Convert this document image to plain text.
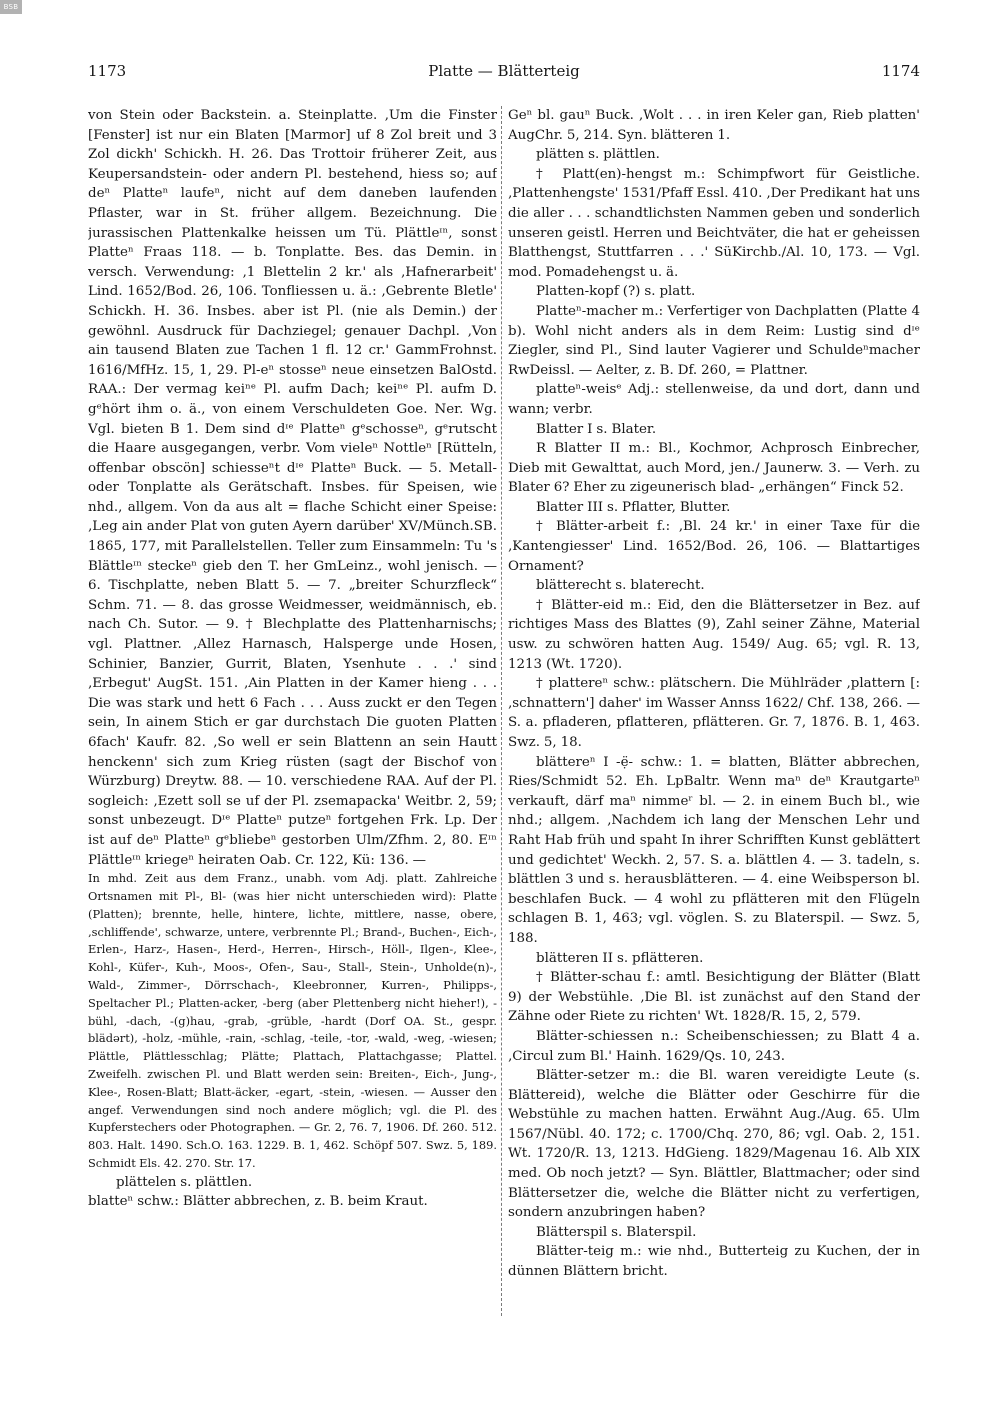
BSB
1173	Platte — Blätterteig	1174

von Stein oder Backstein. a. Steinplatte. ‚Um die Finster [Fenster] ist nur ein Blaten [Marmor] uf 8 Zol breit und 3 Zol dickh' Schickh. H. 26. Das Trottoir früherer Zeit, aus Keupersandstein- oder andern Pl. bestehend, hiess so; auf deⁿ Platteⁿ laufeⁿ, nicht auf dem daneben laufenden Pflaster, war in St. früher allgem. Bezeichnung. Die jurassischen Plattenkalke heissen um Tü. Plättleᶦⁿ, sonst Platteⁿ Fraas 118. — b. Tonplatte. Bes. das Demin. in versch. Verwendung: ‚1 Blettelin 2 kr.' als ‚Hafnerarbeit' Lind. 1652/Bod. 26, 106. Tonfliessen u. ä.: ‚Gebrente Bletle' Schickh. H. 36. Insbes. aber ist Pl. (nie als Demin.) der gewöhnl. Ausdruck für Dachziegel; genauer Dachpl. ‚Von ain tausend Blaten zue Tachen 1 fl. 12 cr.' GammFrohnst. 1616/MfHz. 15, 1, 29. Pl-eⁿ stosseⁿ neue einsetzen BalOstd. RAA.: Der vermag keiⁿᵉ Pl. aufm Dach; keiⁿᵉ Pl. aufm D. gᵉhört ihm o. ä., von einem Verschuldeten Goe. Ner. Wg. Vgl. bieten B 1. Dem sind dᶦᵉ Platteⁿ gᵉschosseⁿ, gᵉrutscht die Haare ausgegangen, verbr. Vom vieleⁿ Nottleⁿ [Rütteln, offenbar obscön] schiesseⁿt dᶦᵉ Platteⁿ Buck. — 5. Metall- oder Tonplatte als Gerätschaft. Insbes. für Speisen, wie nhd., allgem. Von da aus alt = flache Schicht einer Speise: ‚Leg ain ander Plat von guten Ayern darüber' XV/Münch.SB. 1865, 177, mit Parallelstellen. Teller zum Einsammeln: Tu 's Blättleᶦⁿ steckeⁿ gieb den T. her GmLeinz., wohl jenisch. — 6. Tischplatte, neben Blatt 5. — 7. „breiter Schurzfleck“ Schm. 71. — 8. das grosse Weidmesser, weidmännisch, eb. nach Ch. Sutor. — 9. † Blechplatte des Plattenharnischs; vgl. Plattner. ‚Allez Harnasch, Halsperge unde Hosen, Schinier, Banzier, Gurrit, Blaten, Ysenhute . . .' sind ‚Erbegut' AugSt. 151. ‚Ain Platten in der Kamer hieng . . . Die was stark und hett 6 Fach . . . Auss zuckt er den Tegen sein, In ainem Stich er gar durchstach Die guoten Platten 6fach' Kaufr. 82. ‚So well er sein Blattenn an sein Hautt henckenn' sich zum Krieg rüsten (sagt der Bischof von Würzburg) Dreytw. 88. — 10. verschiedene RAA. Auf der Pl. sogleich: ‚Ezett soll se uf der Pl. zsemapacka' Weitbr. 2, 59; sonst unbezeugt. Dᶦᵉ Platteⁿ putzeⁿ fortgehen Frk. Lp. Der ist auf deⁿ Platteⁿ gᵉbliebeⁿ gestorben Ulm/Zfhm. 2, 80. Eᶦⁿ Plättleᶦⁿ kriegeⁿ heiraten Oab. Cr. 122, Kü: 136. —

In mhd. Zeit aus dem Franz., unabh. vom Adj. platt. Zahlreiche Ortsnamen mit Pl-, Bl- (was hier nicht unterschieden wird): Platte (Platten); brennte, helle, hintere, lichte, mittlere, nasse, obere, ‚schliffende', schwarze, untere, verbrennte Pl.; Brand-, Buchen-, Eich-, Erlen-, Harz-, Hasen-, Herd-, Herren-, Hirsch-, Höll-, Ilgen-, Klee-, Kohl-, Küfer-, Kuh-, Moos-, Ofen-, Sau-, Stall-, Stein-, Unholde(n)-, Wald-, Zimmer-, Dörrschach-, Kleebronner, Kurren-, Philipps-, Speltacher Pl.; Platten-acker, -berg (aber Plettenberg nicht hieher!), -bühl, -dach, -(g)hau, -grab, -grüble, -hardt (Dorf OA. St., gespr. blädǝrt), -holz, -mühle, -rain, -schlag, -teile, -tor, -wald, -weg, -wiesen; Plättle, Plättlesschlag; Plätte; Plattach, Plattachgasse; Plattel. Zweifelh. zwischen Pl. und Blatt werden sein: Breiten-, Eich-, Jung-, Klee-, Rosen-Blatt; Blatt-äcker, -egart, -stein, -wiesen. — Ausser den angef. Verwendungen sind noch andere möglich; vgl. die Pl. des Kupferstechers oder Photographen. — Gr. 2, 76. 7, 1906. Df. 260. 512. 803. Halt. 1490. Sch.O. 163. 1229. B. 1, 462. Schöpf 507. Swz. 5, 189. Schmidt Els. 42. 270. Str. 17.

plättelen s. plättlen.

blatteⁿ schw.: Blätter abbrechen, z. B. beim Kraut.

Geⁿ bl. gauⁿ Buck. ‚Wolt . . . in iren Keler gan, Rieb platten' AugChr. 5, 214. Syn. blätteren 1.

plätten s. plättlen.

† Platt(en)-hengst m.: Schimpfwort für Geistliche. ‚Plattenhengste' 1531/Pfaff Essl. 410. ‚Der Predikant hat uns die aller . . . schandtlichsten Nammen geben und sonderlich unseren geistl. Herren und Beichtväter, die hat er geheissen Blatthengst, Stuttfarren . . .' SüKirchb./Al. 10, 173. — Vgl. mod. Pomadehengst u. ä.

Platten-kopf (?) s. platt.

Platteⁿ-macher m.: Verfertiger von Dachplatten (Platte 4 b). Wohl nicht anders als in dem Reim: Lustig sind dᶦᵉ Ziegler, sind Pl., Sind lauter Vagierer und Schuldeⁿmacher RwDeissl. — Aelter, z. B. Df. 260, = Plattner.

platteⁿ-weisᵉ Adj.: stellenweise, da und dort, dann und wann; verbr.

Blatter I s. Blater.

R Blatter II m.: Bl., Kochmor, Achprosch Einbrecher, Dieb mit Gewalttat, auch Mord, jen./ Jaunerw. 3. — Verh. zu Blater 6? Eher zu zigeunerisch blad- „erhängen“ Finck 52.

Blatter III s. Pflatter, Blutter.

† Blätter-arbeit f.: ‚Bl. 24 kr.' in einer Taxe für die ‚Kantengiesser' Lind. 1652/Bod. 26, 106. — Blattartiges Ornament?

blätterecht s. blaterecht.

† Blätter-eid m.: Eid, den die Blättersetzer in Bez. auf richtiges Mass des Blattes (9), Zahl seiner Zähne, Material usw. zu schwören hatten Aug. 1549/ Aug. 65; vgl. R. 13, 1213 (Wt. 1720).

† plattereⁿ schw.: plätschern. Die Mühlräder ‚plattern [: ‚schnattern'] daher' im Wasser Annss 1622/ Chf. 138, 266. — S. a. pfladeren, pflatteren, pflätteren. Gr. 7, 1876. B. 1, 463. Swz. 5, 18.

blättereⁿ I -ẹ̈- schw.: 1. = blatten, Blätter abbrechen, Ries/Schmidt 52. Eh. LpBaltr. Wenn maⁿ deⁿ Krautgarteⁿ verkauft, därf maⁿ nimmeʳ bl. — 2. in einem Buch bl., wie nhd.; allgem. ‚Nachdem ich lang der Menschen Lehr und Raht Hab früh und spaht In ihrer Schrifften Kunst geblättert und gedichtet' Weckh. 2, 57. S. a. blättlen 4. — 3. tadeln, s. blättlen 3 und s. herausblätteren. — 4. eine Weibsperson bl. beschlafen Buck. — 4 wohl zu pflätteren mit den Flügeln schlagen B. 1, 463; vgl. vöglen. S. zu Blaterspil. — Swz. 5, 188.

blätteren II s. pflätteren.

† Blätter-schau f.: amtl. Besichtigung der Blätter (Blatt 9) der Webstühle. ‚Die Bl. ist zunächst auf den Stand der Zähne oder Riete zu richten' Wt. 1828/R. 15, 2, 579.

Blätter-schiessen n.: Scheibenschiessen; zu Blatt 4 a. ‚Circul zum Bl.' Hainh. 1629/Qs. 10, 243.

Blätter-setzer m.: die Bl. waren vereidigte Leute (s. Blättereid), welche die Blätter oder Geschirre für die Webstühle zu machen hatten. Erwähnt Aug./Aug. 65. Ulm 1567/Nübl. 40. 172; c. 1700/Chq. 270, 86; vgl. Oab. 2, 151. Wt. 1720/R. 13, 1213. HdGieng. 1829/Magenau 16. Alb XIX med. Ob noch jetzt? — Syn. Blättler, Blattmacher; oder sind Blättersetzer die, welche die Blätter nicht zu verfertigen, sondern anzubringen haben?

Blätterspil s. Blaterspil.

Blätter-teig m.: wie nhd., Butterteig zu Kuchen, der in dünnen Blättern bricht.
